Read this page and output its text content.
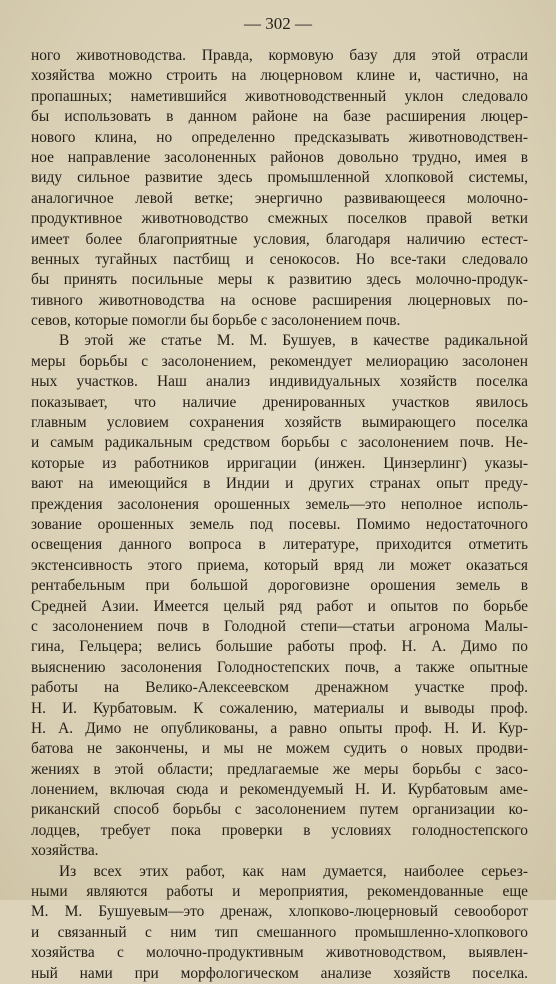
— 302 —
ного животноводства. Правда, кормовую базу для этой отрасли
хозяйства можно строить на люцерновом клине и, частично, на
пропашных; наметившийся животноводственный уклон следовало
бы использовать в данном районе на базе расширения люцер-
нового клина, но определенно предсказывать животноводствен-
ное направление засолоненных районов довольно трудно, имея в
виду сильное развитие здесь промышленной хлопковой системы,
аналогичное левой ветке; энергично развивающееся молочно-
продуктивное животноводство смежных поселков правой ветки
имеет более благоприятные условия, благодаря наличию естест-
венных тугайных пастбищ и сенокосов. Но все-таки следовало
бы принять посильные меры к развитию здесь молочно-продук-
тивного животноводства на основе расширения люцерновых по-
севов, которые помогли бы борьбе с засолонением почв.
В этой же статье М. М. Бушуев, в качестве радикальной
меры борьбы с засолонением, рекомендует мелиорацию засолонен
ных участков. Наш анализ индивидуальных хозяйств поселка
показывает, что наличие дренированных участков явилось
главным условием сохранения хозяйств вымирающего поселка
и самым радикальным средством борьбы с засолонением почв. Не-
которые из работников ирригации (инжен. Цинзерлинг) указы-
вают на имеющийся в Индии и других странах опыт преду-
преждения засолонения орошенных земель—это неполное исполь-
зование орошенных земель под посевы. Помимо недостаточного
освещения данного вопроса в литературе, приходится отметить
экстенсивность этого приема, который вряд ли может оказаться
рентабельным при большой дороговизне орошения земель в
Средней Азии. Имеется целый ряд работ и опытов по борьбе
с засолонением почв в Голодной степи—статьи агронома Малы-
гина, Гельцера; велись большие работы проф. Н. А. Димо по
выяснению засолонения Голодностепских почв, а также опытные
работы на Велико-Алексеевском дренажном участке проф.
Н. И. Курбатовым. К сожалению, материалы и выводы проф.
Н. А. Димо не опубликованы, а равно опыты проф. Н. И. Кур-
батова не закончены, и мы не можем судить о новых продви-
жениях в этой области; предлагаемые же меры борьбы с засо-
лонением, включая сюда и рекомендуемый Н. И. Курбатовым аме-
риканский способ борьбы с засолонением путем организации ко-
лодцев, требует пока проверки в условиях голодностепского
хозяйства.
Из всех этих работ, как нам думается, наиболее серьез-
ными являются работы и мероприятия, рекомендованные еще
М. М. Бушуевым—это дренаж, хлопково-люцерновый севооборот
и связанный с ним тип смешанного промышленно-хлопкового
хозяйства с молочно-продуктивным животноводством, выявлен-
ный нами при морфологическом анализе хозяйств поселка.
